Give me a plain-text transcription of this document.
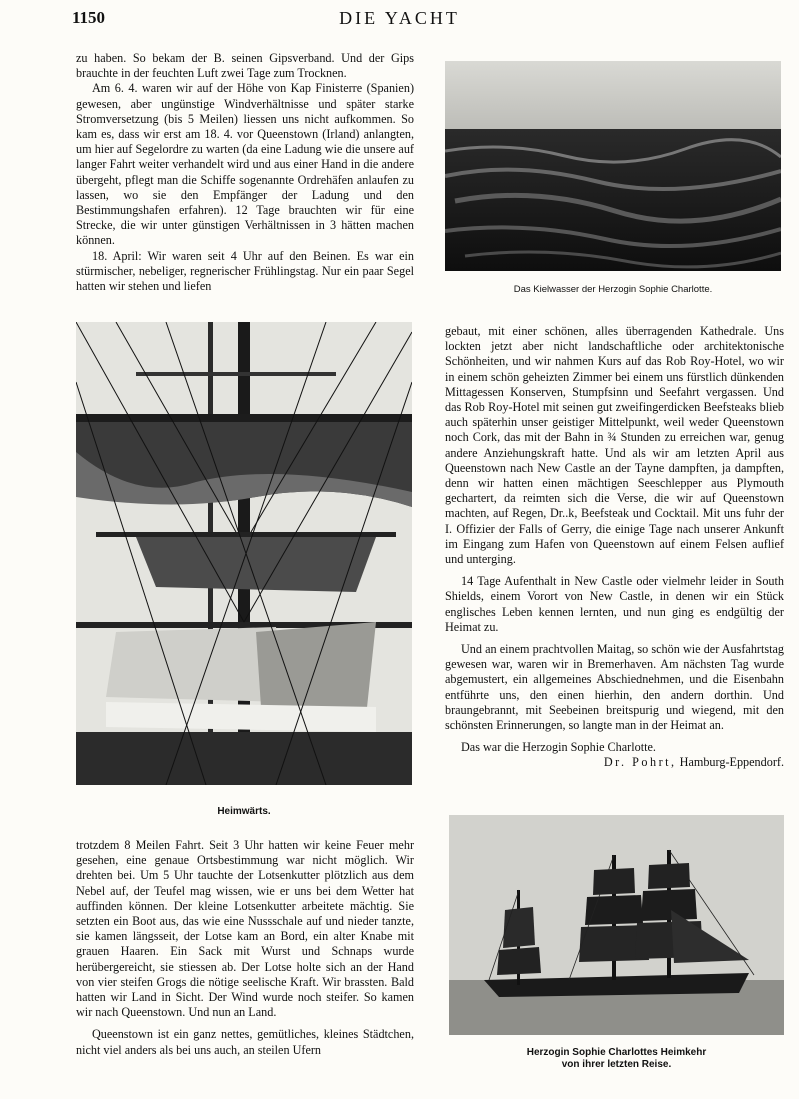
1150	DIE YACHT

zu haben. So bekam der B. seinen Gipsverband. Und der Gips brauchte in der feuchten Luft zwei Tage zum Trocknen.

Am 6. 4. waren wir auf der Höhe von Kap Finisterre (Spanien) gewesen, aber ungünstige Windverhältnisse und später starke Stromversetzung (bis 5 Meilen) liessen uns nicht aufkommen. So kam es, dass wir erst am 18. 4. vor Queenstown (Irland) anlangten, um hier auf Segelordre zu warten (da eine Ladung wie die unsere auf langer Fahrt weiter verhandelt wird und aus einer Hand in die andere übergeht, pflegt man die Schiffe sogenannte Ordrehäfen anlaufen zu lassen, wo sie den Empfänger der Ladung und den Bestimmungshafen erfahren). 12 Tage brauchten wir für eine Strecke, die wir unter günstigen Verhältnissen in 3 hätten machen können.

18. April: Wir waren seit 4 Uhr auf den Beinen. Es war ein stürmischer, nebeliger, regnerischer Frühlingstag. Nur ein paar Segel hatten wir stehen und liefen	Das Kielwasser der Herzogin Sophie Charlotte.
Heimwärts.

gebaut, mit einer schönen, alles überragenden Kathedrale. Uns lockten jetzt aber nicht landschaftliche oder architektonische Schönheiten, und wir nahmen Kurs auf das Rob Roy-Hotel, wo wir in einem schön geheizten Zimmer bei einem uns fürstlich dünkenden Mittagessen Konserven, Stumpfsinn und Seefahrt vergassen. Und das Rob Roy-Hotel mit seinen gut zweifingerdicken Beefsteaks blieb auch späterhin unser geistiger Mittelpunkt, weil weder Queenstown noch Cork, das mit der Bahn in ¾ Stunden zu erreichen war, genug andere Anziehungskraft hatte. Und als wir am letzten April aus Queenstown nach New Castle an der Tayne dampften, ja dampften, denn wir hatten einen mächtigen Seeschlepper aus Plymouth gechartert, da reimten sich die Verse, die wir auf Queenstown machten, auf Regen, Dr..k, Beefsteak und Cocktail. Mit uns fuhr der I. Offizier der Falls of Gerry, die einige Tage nach unserer Ankunft im Eingang zum Hafen von Queenstown auf einem Felsen auflief und unterging.

14 Tage Aufenthalt in New Castle oder vielmehr leider in South Shields, einem Vorort von New Castle, in denen wir ein Stück englisches Leben kennen lernten, und nun ging es endgültig der Heimat zu.

Und an einem prachtvollen Maitag, so schön wie der Ausfahrtstag gewesen war, waren wir in Bremerhaven. Am nächsten Tag wurde abgemustert, ein allgemeines Abschiednehmen, und die Eisenbahn entführte uns, den einen hierhin, den andern dorthin. Und braungebrannt, mit Seebeinen breitspurig und wiegend, mit den schönsten Erinnerungen, so langte man in der Heimat an.

Das war die Herzogin Sophie Charlotte.

Dr. Pohrt, Hamburg-Eppendorf.

trotzdem 8 Meilen Fahrt. Seit 3 Uhr hatten wir keine Feuer mehr gesehen, eine genaue Ortsbestimmung war nicht möglich. Wir drehten bei. Um 5 Uhr tauchte der Lotsenkutter plötzlich aus dem Nebel auf, der Teufel mag wissen, wie er uns bei dem Wetter hat auffinden können. Der kleine Lotsenkutter arbeitete mächtig. Sie setzten ein Boot aus, das wie eine Nussschale auf und nieder tanzte, sie kamen längsseit, der Lotse kam an Bord, ein alter Knabe mit grauen Haaren. Ein Sack mit Wurst und Schnaps wurde herübergereicht, sie stiessen ab. Der Lotse holte sich an der Hand von vier steifen Grogs die nötige seelische Kraft. Wir brassten. Bald hatten wir Land in Sicht. Der Wind wurde noch steifer. So kamen wir nach Queenstown. Und nun an Land.

Queenstown ist ein ganz nettes, gemütliches, kleines Städtchen, nicht viel anders als bei uns auch, an steilen Ufern	Herzogin Sophie Charlottes Heimkehr
von ihrer letzten Reise.
